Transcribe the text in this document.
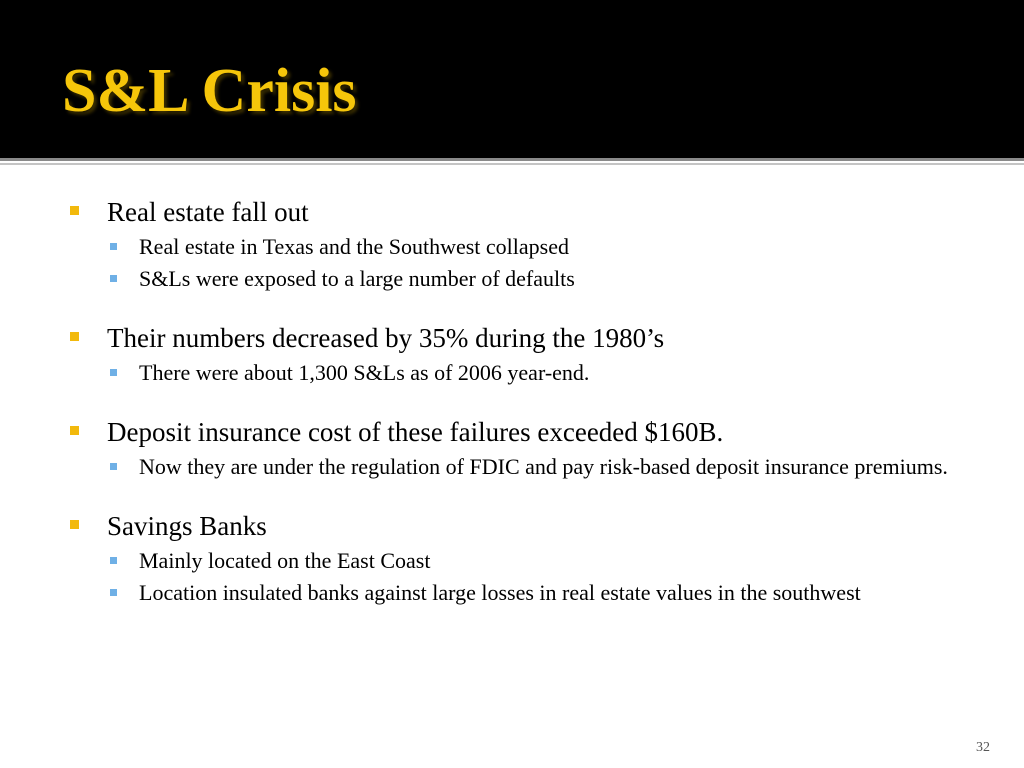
S&L Crisis
Real estate fall out
Real estate in Texas and the Southwest collapsed
S&Ls were exposed to a large number of defaults
Their numbers decreased by 35% during the 1980’s
There were about 1,300 S&Ls as of 2006 year-end.
Deposit insurance cost of these failures exceeded $160B.
Now they are under the regulation of FDIC and pay risk-based deposit insurance premiums.
Savings Banks
Mainly located on the East Coast
Location insulated banks against large losses in real estate values in the southwest
32
